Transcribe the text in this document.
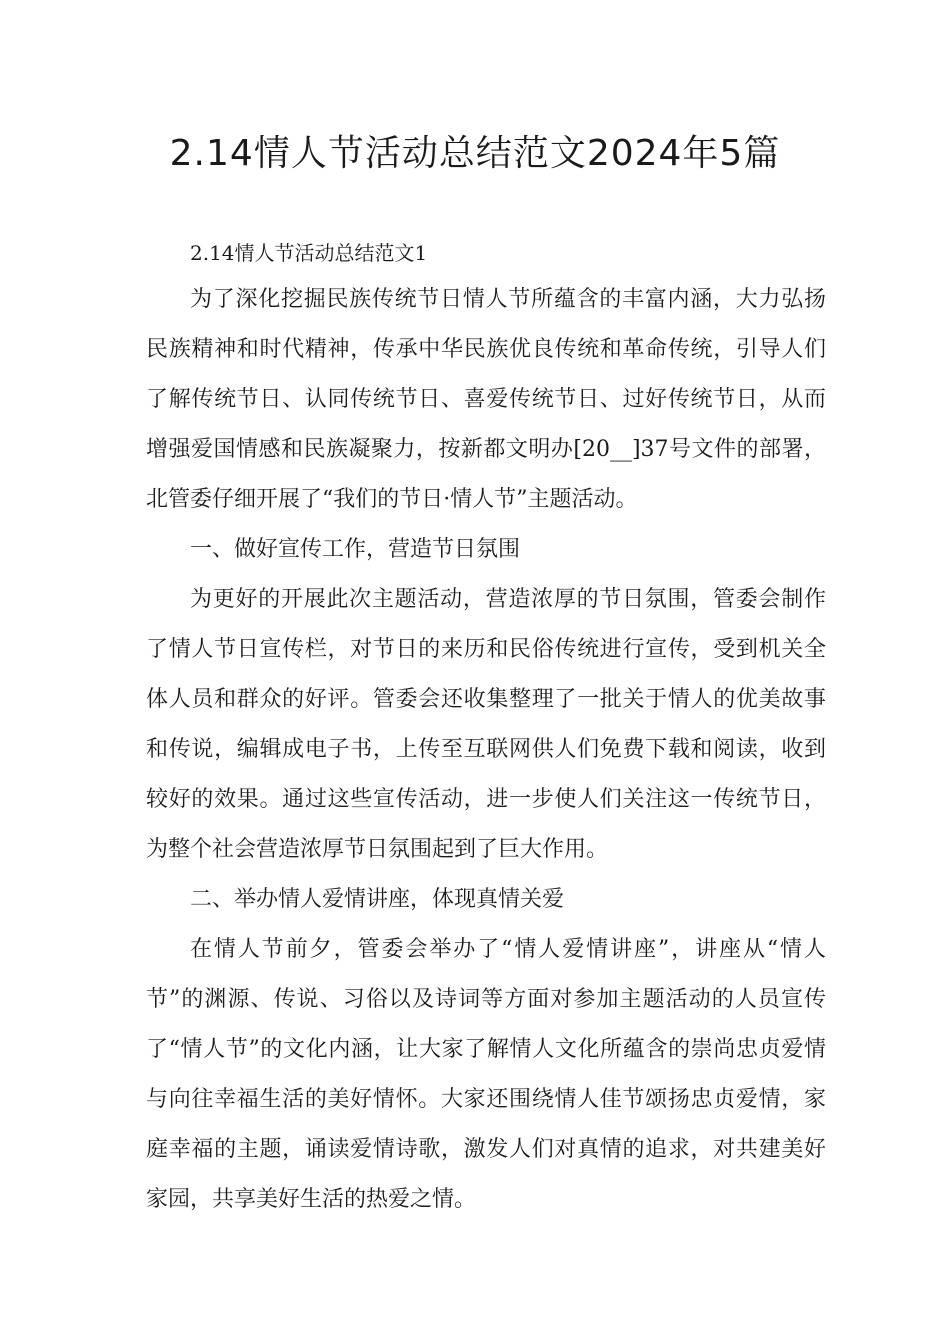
2.14情人节活动总结范文2024年5篇

2.14情人节活动总结范文1

为了深化挖掘民族传统节日情人节所蕴含的丰富内涵，大力弘扬民族精神和时代精神，传承中华民族优良传统和革命传统，引导人们了解传统节日、认同传统节日、喜爱传统节日、过好传统节日，从而增强爱国情感和民族凝聚力，按新都文明办[20__]37号文件的部署，北管委仔细开展了“我们的节日·情人节”主题活动。

一、做好宣传工作，营造节日氛围

为更好的开展此次主题活动，营造浓厚的节日氛围，管委会制作了情人节日宣传栏，对节日的来历和民俗传统进行宣传，受到机关全体人员和群众的好评。管委会还收集整理了一批关于情人的优美故事和传说，编辑成电子书，上传至互联网供人们免费下载和阅读，收到较好的效果。通过这些宣传活动，进一步使人们关注这一传统节日，为整个社会营造浓厚节日氛围起到了巨大作用。

二、举办情人爱情讲座，体现真情关爱

在情人节前夕，管委会举办了“情人爱情讲座”，讲座从“情人节”的渊源、传说、习俗以及诗词等方面对参加主题活动的人员宣传了“情人节”的文化内涵，让大家了解情人文化所蕴含的崇尚忠贞爱情与向往幸福生活的美好情怀。大家还围绕情人佳节颂扬忠贞爱情，家庭幸福的主题，诵读爱情诗歌，激发人们对真情的追求，对共建美好家园，共享美好生活的热爱之情。
